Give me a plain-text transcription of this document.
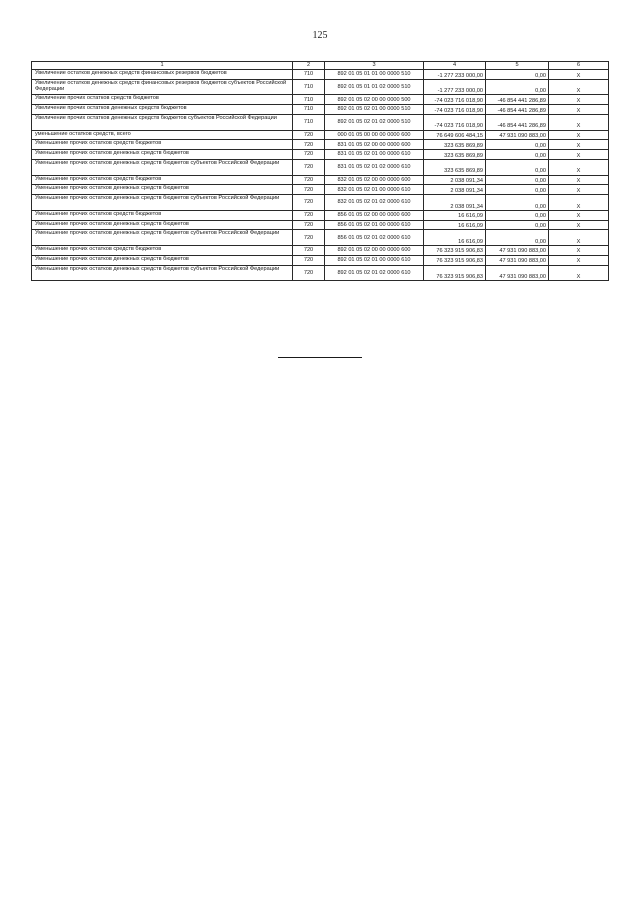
125
1	2	3	4	5	6
Увеличение остатков денежных средств финансовых резервов бюджетов	710	892 01 05 01 01 00 0000 510	-1 277 233 000,00	0,00	X
Увеличение остатков денежных средств финансовых резервов бюджетов субъектов Российской Федерации	710	892 01 05 01 01 02 0000 510	-1 277 233 000,00	0,00	X
Увеличение прочих остатков средств бюджетов	710	892 01 05 02 00 00 0000 500	-74 023 716 018,90	-46 854 441 286,89	X
Увеличение прочих остатков денежных средств бюджетов	710	892 01 05 02 01 00 0000 510	-74 023 716 018,90	-46 854 441 286,89	X
Увеличение прочих остатков денежных средств бюджетов субъектов Российской Федерации	710	892 01 05 02 01 02 0000 510	-74 023 716 018,90	-46 854 441 286,89	X
уменьшение остатков средств, всего	720	000 01 05 00 00 00 0000 600	76 649 606 484,15	47 931 090 883,00	X
Уменьшение прочих остатков средств бюджетов	720	831 01 05 02 00 00 0000 600	323 635 869,89	0,00	X
Уменьшение прочих остатков денежных средств бюджетов	720	831 01 05 02 01 00 0000 610	323 635 869,89	0,00	X
Уменьшение прочих остатков денежных средств бюджетов субъектов Российской Федерации	720	831 01 05 02 01 02 0000 610	323 635 869,89	0,00	X
Уменьшение прочих остатков средств бюджетов	720	832 01 05 02 00 00 0000 600	2 038 091,34	0,00	X
Уменьшение прочих остатков денежных средств бюджетов	720	832 01 05 02 01 00 0000 610	2 038 091,34	0,00	X
Уменьшение прочих остатков денежных средств бюджетов субъектов Российской Федерации	720	832 01 05 02 01 02 0000 610	2 038 091,34	0,00	X
Уменьшение прочих остатков средств бюджетов	720	856 01 05 02 00 00 0000 600	16 616,09	0,00	X
Уменьшение прочих остатков денежных средств бюджетов	720	856 01 05 02 01 00 0000 610	16 616,09	0,00	X
Уменьшение прочих остатков денежных средств бюджетов субъектов Российской Федерации	720	856 01 05 02 01 02 0000 610	16 616,09	0,00	X
Уменьшение прочих остатков средств бюджетов	720	892 01 05 02 00 00 0000 600	76 323 915 906,83	47 931 090 883,00	X
Уменьшение прочих остатков денежных средств бюджетов	720	892 01 05 02 01 00 0000 610	76 323 915 906,83	47 931 090 883,00	X
Уменьшение прочих остатков денежных средств бюджетов субъектов Российской Федерации	720	892 01 05 02 01 02 0000 610	76 323 915 906,83	47 931 090 883,00	X
